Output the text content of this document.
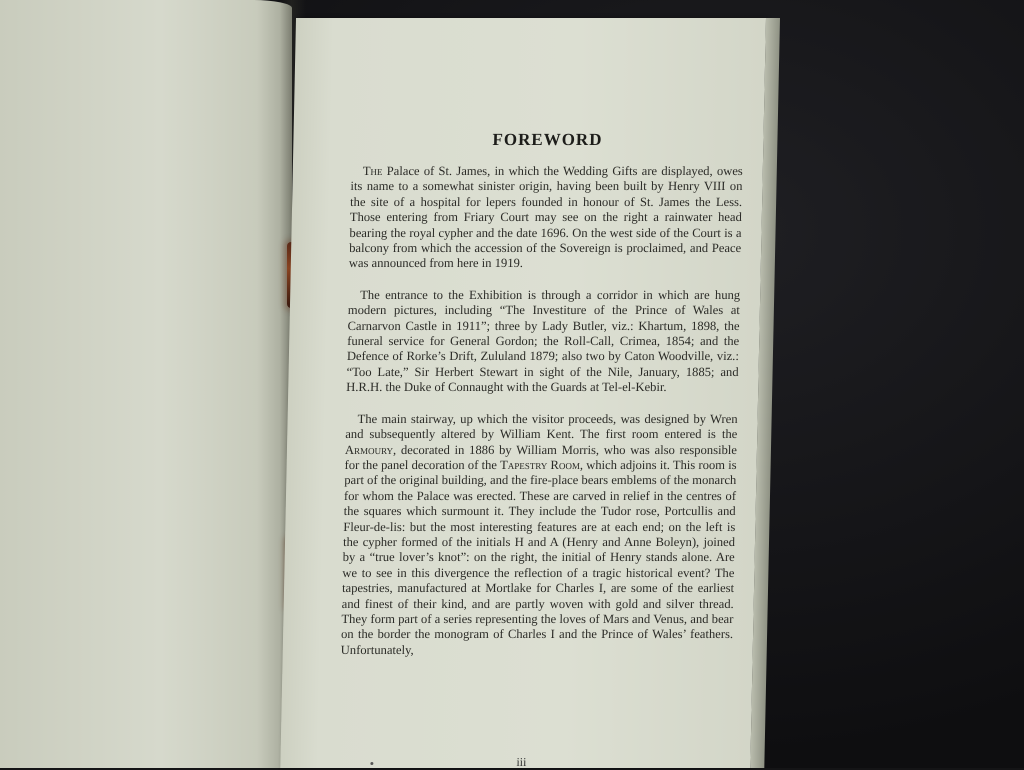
FOREWORD

The Palace of St. James, in which the Wedding Gifts are displayed, owes its name to a somewhat sinister origin, having been built by Henry VIII on the site of a hospital for lepers founded in honour of St. James the Less. Those entering from Friary Court may see on the right a rainwater head bearing the royal cypher and the date 1696. On the west side of the Court is a balcony from which the accession of the Sovereign is proclaimed, and Peace was announced from here in 1919.

The entrance to the Exhibition is through a corridor in which are hung modern pictures, including “The Investiture of the Prince of Wales at Carnarvon Castle in 1911”; three by Lady Butler, viz.: Khartum, 1898, the funeral service for General Gordon; the Roll-Call, Crimea, 1854; and the Defence of Rorke’s Drift, Zululand 1879; also two by Caton Woodville, viz.: “Too Late,” Sir Herbert Stewart in sight of the Nile, January, 1885; and H.R.H. the Duke of Connaught with the Guards at Tel-el-Kebir.

The main stairway, up which the visitor proceeds, was designed by Wren and subsequently altered by William Kent. The first room entered is the Armoury, decorated in 1886 by William Morris, who was also responsible for the panel decoration of the Tapestry Room, which adjoins it. This room is part of the original building, and the fire-place bears emblems of the monarch for whom the Palace was erected. These are carved in relief in the centres of the squares which surmount it. They include the Tudor rose, Portcullis and Fleur-de-lis: but the most interesting features are at each end; on the left is the cypher formed of the initials H and A (Henry and Anne Boleyn), joined by a “true lover’s knot”: on the right, the initial of Henry stands alone. Are we to see in this divergence the reflection of a tragic historical event? The tapestries, manufactured at Mortlake for Charles I, are some of the earliest and finest of their kind, and are partly woven with gold and silver thread. They form part of a series representing the loves of Mars and Venus, and bear on the border the monogram of Charles I and the Prince of Wales’ feathers. Unfortunately,

iii
